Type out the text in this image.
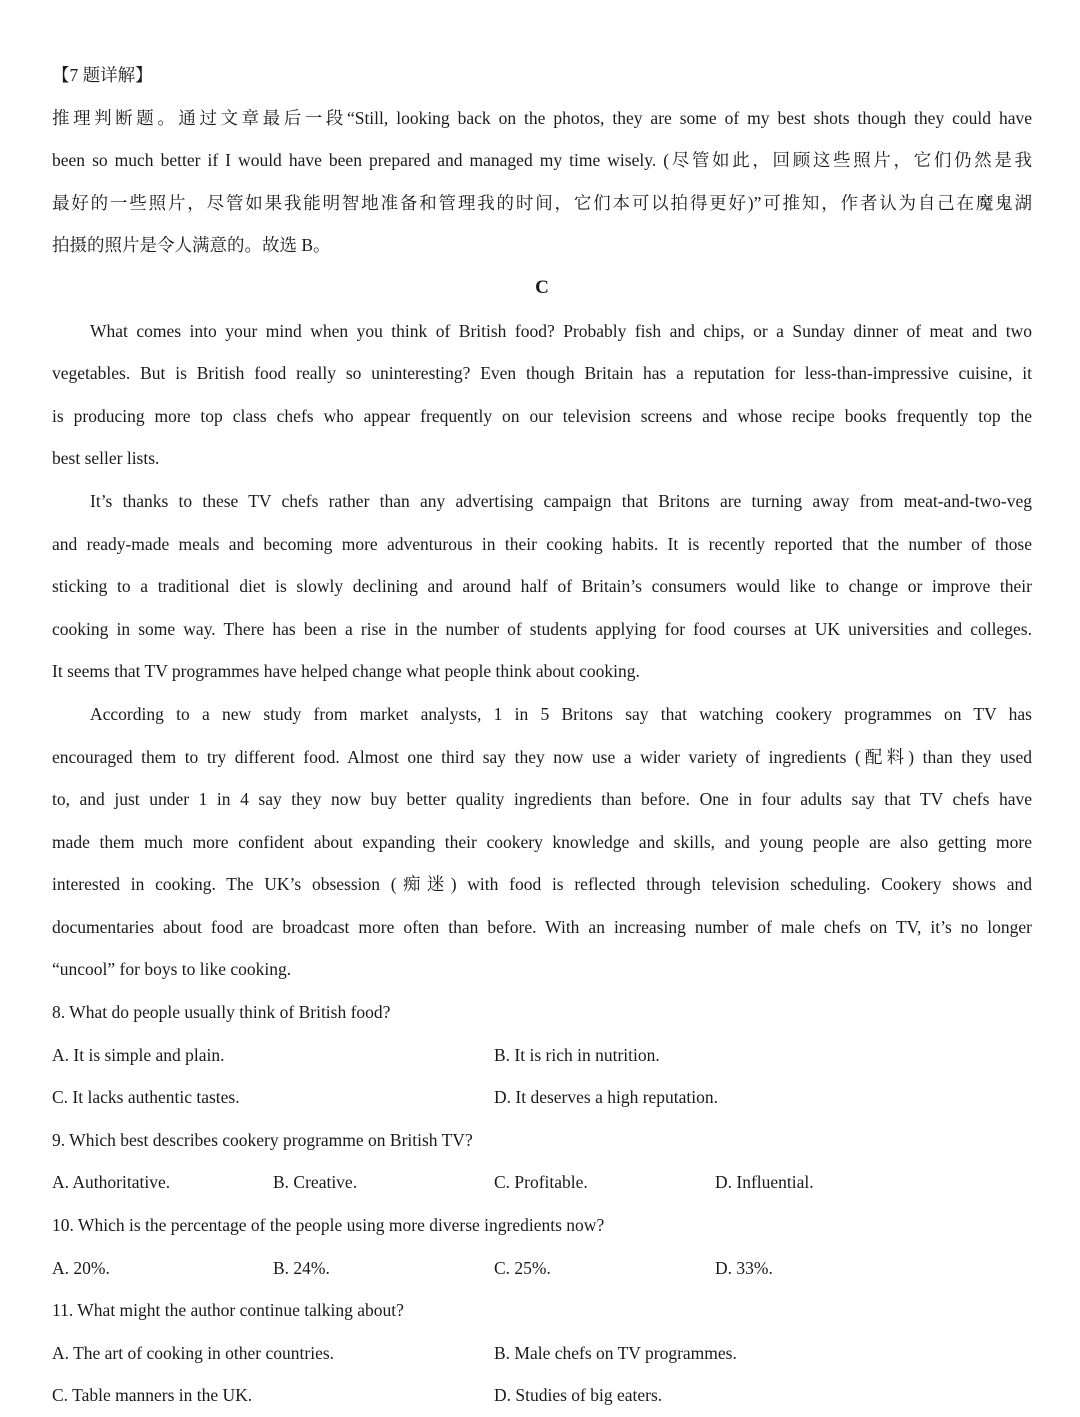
【7 题详解】
推理判断题。通过文章最后一段“Still, looking back on the photos, they are some of my best shots though they could have
been so much better if I would have been prepared and managed my time wisely. (尽管如此，回顾这些照片，它们仍然是我
最好的一些照片，尽管如果我能明智地准备和管理我的时间，它们本可以拍得更好)”可推知，作者认为自己在魔鬼湖
拍摄的照片是令人满意的。故选 B。
C
What comes into your mind when you think of British food? Probably fish and chips, or a Sunday dinner of meat and two
vegetables. But is British food really so uninteresting? Even though Britain has a reputation for less-than-impressive cuisine, it
is producing more top class chefs who appear frequently on our television screens and whose recipe books frequently top the
best seller lists.
It’s thanks to these TV chefs rather than any advertising campaign that Britons are turning away from meat-and-two-veg
and ready-made meals and becoming more adventurous in their cooking habits. It is recently reported that the number of those
sticking to a traditional diet is slowly declining and around half of Britain’s consumers would like to change or improve their
cooking in some way. There has been a rise in the number of students applying for food courses at UK universities and colleges.
It seems that TV programmes have helped change what people think about cooking.
According to a new study from market analysts, 1 in 5 Britons say that watching cookery programmes on TV has
encouraged them to try different food. Almost one third say they now use a wider variety of ingredients (配料) than they used
to, and just under 1 in 4 say they now buy better quality ingredients than before. One in four adults say that TV chefs have
made them much more confident about expanding their cookery knowledge and skills, and young people are also getting more
interested in cooking. The UK’s obsession (痴迷) with food is reflected through television scheduling. Cookery shows and
documentaries about food are broadcast more often than before. With an increasing number of male chefs on TV, it’s no longer
“uncool” for boys to like cooking.
8. What do people usually think of British food?
A. It is simple and plain.	B. It is rich in nutrition.
C. It lacks authentic tastes.	D. It deserves a high reputation.
9. Which best describes cookery programme on British TV?
A. Authoritative.	B. Creative.	C. Profitable.	D. Influential.
10. Which is the percentage of the people using more diverse ingredients now?
A. 20%.	B. 24%.	C. 25%.	D. 33%.
11. What might the author continue talking about?
A. The art of cooking in other countries.	B. Male chefs on TV programmes.
C. Table manners in the UK.	D. Studies of big eaters.
